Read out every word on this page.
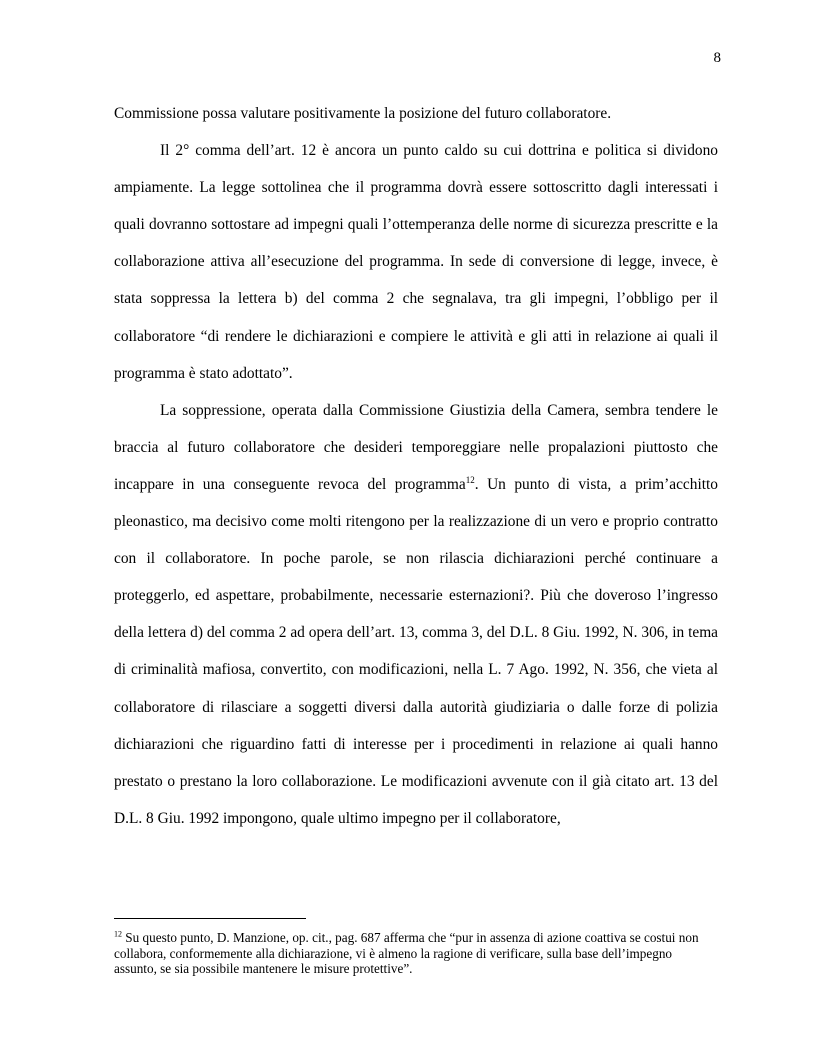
8

Commissione possa valutare positivamente la posizione del futuro collaboratore.

Il 2° comma dell’art. 12 è ancora un punto caldo su cui dottrina e politica si dividono ampiamente. La legge sottolinea che il programma dovrà essere sottoscritto dagli interessati i quali dovranno sottostare ad impegni quali l’ottemperanza delle norme di sicurezza prescritte e la collaborazione attiva all’esecuzione del programma. In sede di conversione di legge, invece, è stata soppressa la lettera b) del comma 2 che segnalava, tra gli impegni, l’obbligo per il collaboratore “di rendere le dichiarazioni e compiere le attività e gli atti in relazione ai quali il programma è stato adottato”.

La soppressione, operata dalla Commissione Giustizia della Camera, sembra tendere le braccia al futuro collaboratore che desideri temporeggiare nelle propalazioni piuttosto che incappare in una conseguente revoca del programma$^{12}$. Un punto di vista, a prim’acchitto pleonastico, ma decisivo come molti ritengono per la realizzazione di un vero e proprio contratto con il collaboratore. In poche parole, se non rilascia dichiarazioni perché continuare a proteggerlo, ed aspettare, probabilmente, necessarie esternazioni?. Più che doveroso l’ingresso della lettera d) del comma 2 ad opera dell’art. 13, comma 3, del D.L. 8 Giu. 1992, N. 306, in tema di criminalità mafiosa, convertito, con modificazioni, nella L. 7 Ago. 1992, N. 356, che vieta al collaboratore di rilasciare a soggetti diversi dalla autorità giudiziaria o dalle forze di polizia dichiarazioni che riguardino fatti di interesse per i procedimenti in relazione ai quali hanno prestato o prestano la loro collaborazione. Le modificazioni avvenute con il già citato art. 13 del D.L. 8 Giu. 1992 impongono, quale ultimo impegno per il collaboratore,

$^{12}$ Su questo punto, D. Manzione, op. cit., pag. 687 afferma che “pur in assenza di azione coattiva se costui non collabora, conformemente alla dichiarazione, vi è almeno la ragione di verificare, sulla base dell’impegno assunto, se sia possibile mantenere le misure protettive”.
